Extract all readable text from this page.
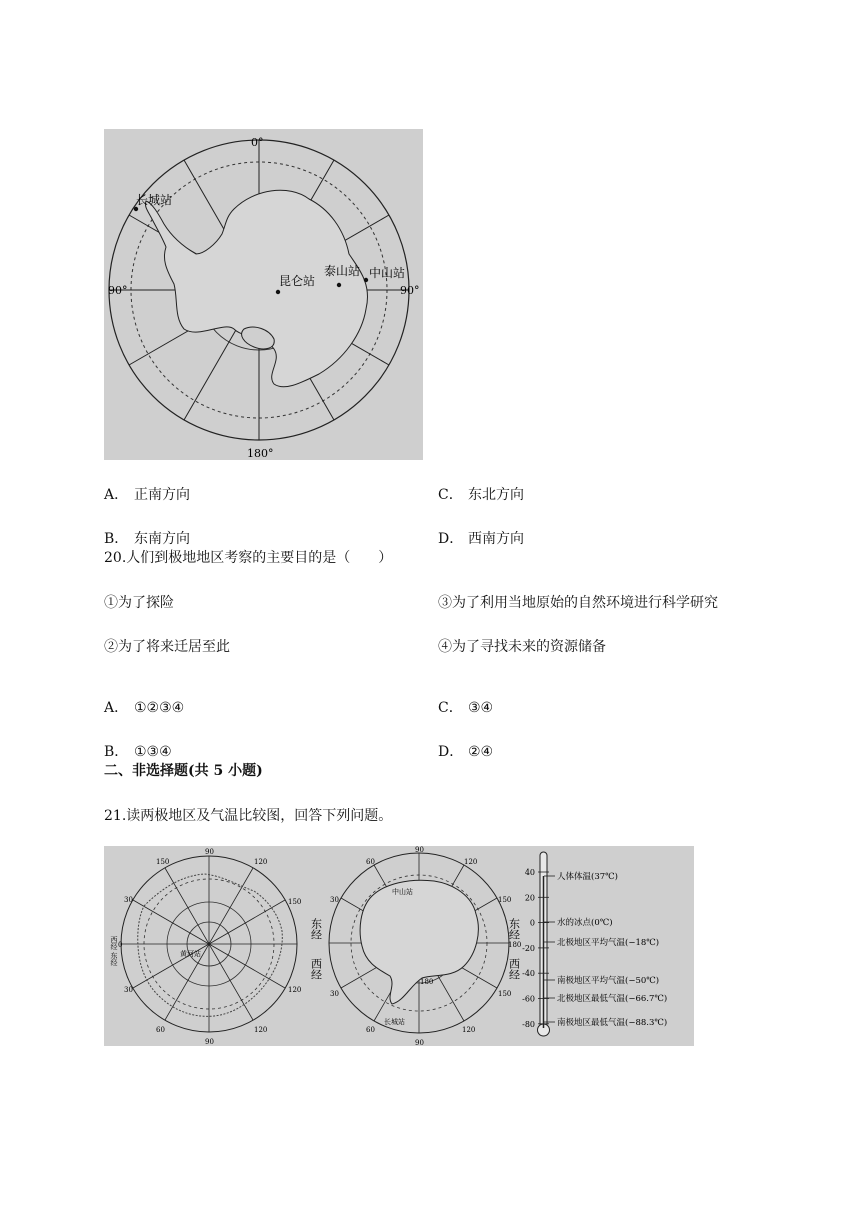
0°
180°
90°	90°
长城站
昆仑站
泰山站 中山站
A． 正南方向	C． 东北方向
B． 东南方向	D． 西南方向
20.人们到极地地区考察的主要目的是（　　）
①为了探险	③为了利用当地原始的自然环境进行科学研究
②为了将来迁居至此	④为了寻找未来的资源储备
A． ①②③④	C． ③④
B． ①③④	D． ②④
二、非选择题(共 5 小题)
21.读两极地区及气温比较图，回答下列问题。
90
90
150	120
30	150
30	120
60	120
西经 0
东经	黄河站
90
90
60	120
30	150
30	150
60	120
东经
西经
东经
西经
180
180
中山站
长城站
40
20
0
-20
-40
-60
-80
人体体温(37℃)
水的冰点(0℃)
北极地区平均气温(−18℃)
南极地区平均气温(−50℃)
北极地区最低气温(−66.7℃)
南极地区最低气温(−88.3℃)
